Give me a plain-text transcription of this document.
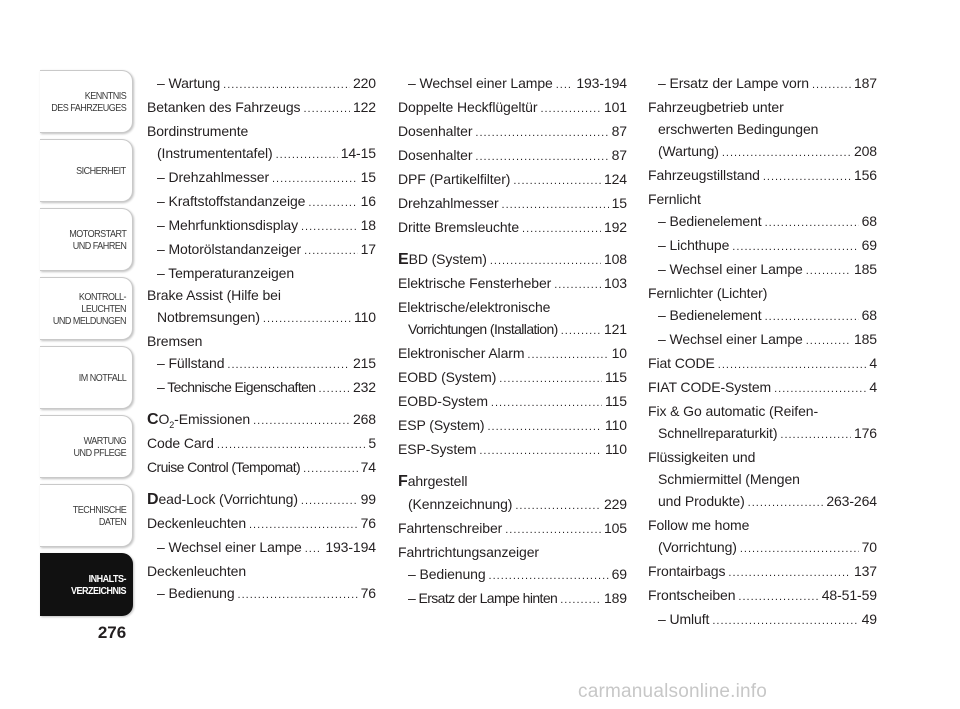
KENNTNIS
DES FAHRZEUGES
SICHERHEIT
MOTORSTART
UND FAHREN
KONTROLL-
LEUCHTEN
UND MELDUNGEN
IM NOTFALL
WARTUNG
UND PFLEGE
TECHNISCHE
DATEN
INHALTS-
VERZEICHNIS
276
– Wartung .....	220
Betanken des Fahrzeugs .....	122
Bordinstrumente
(Instrumententafel) .....	14-15
– Drehzahlmesser .....	15
– Kraftstoffstandanzeige .....	16
– Mehrfunktionsdisplay .....	18
– Motorölstandanzeiger .....	17
– Temperaturanzeigen
Brake Assist (Hilfe bei
Notbremsungen) .....	110
Bremsen
– Füllstand .....	215
– Technische Eigenschaften .....	232
$CO_2$-Emissionen .....	268
Code Card .....	5
Cruise Control (Tempomat) .....	74
Dead-Lock (Vorrichtung) .....	99
Deckenleuchten .....	76
– Wechsel einer Lampe ..... 193-194
Deckenleuchten
– Bedienung .....	76
– Wechsel einer Lampe ..... 193-194
Doppelte Heckflügeltür .....	101
Dosenhalter .....	87
Dosenhalter .....	87
DPF (Partikelfilter) .....	124
Drehzahlmesser .....	15
Dritte Bremsleuchte .....	192
EBD (System) .....	108
Elektrische Fensterheber .....	103
Elektrische/elektronische
Vorrichtungen (Installation) .....	121
Elektronischer Alarm .....	10
EOBD (System) .....	115
EOBD-System .....	115
ESP (System) .....	110
ESP-System .....	110
Fahrgestell
(Kennzeichnung) .....	229
Fahrtenschreiber .....	105
Fahrtrichtungsanzeiger
– Bedienung .....	69
– Ersatz der Lampe hinten .....	189
– Ersatz der Lampe vorn .....	187
Fahrzeugbetrieb unter
erschwerten Bedingungen
(Wartung) .....	208
Fahrzeugstillstand .....	156
Fernlicht
– Bedienelement .....	68
– Lichthupe .....	69
– Wechsel einer Lampe .....	185
Fernlichter (Lichter)
– Bedienelement .....	68
– Wechsel einer Lampe .....	185
Fiat CODE .....	4
FIAT CODE-System .....	4
Fix & Go automatic (Reifen-
Schnellreparaturkit) .....	176
Flüssigkeiten und
Schmiermittel (Mengen
und Produkte) .....	263-264
Follow me home
(Vorrichtung) .....	70
Frontairbags .....	137
Frontscheiben .....	48-51-59
– Umluft .....	49
carmanualsonline.info
